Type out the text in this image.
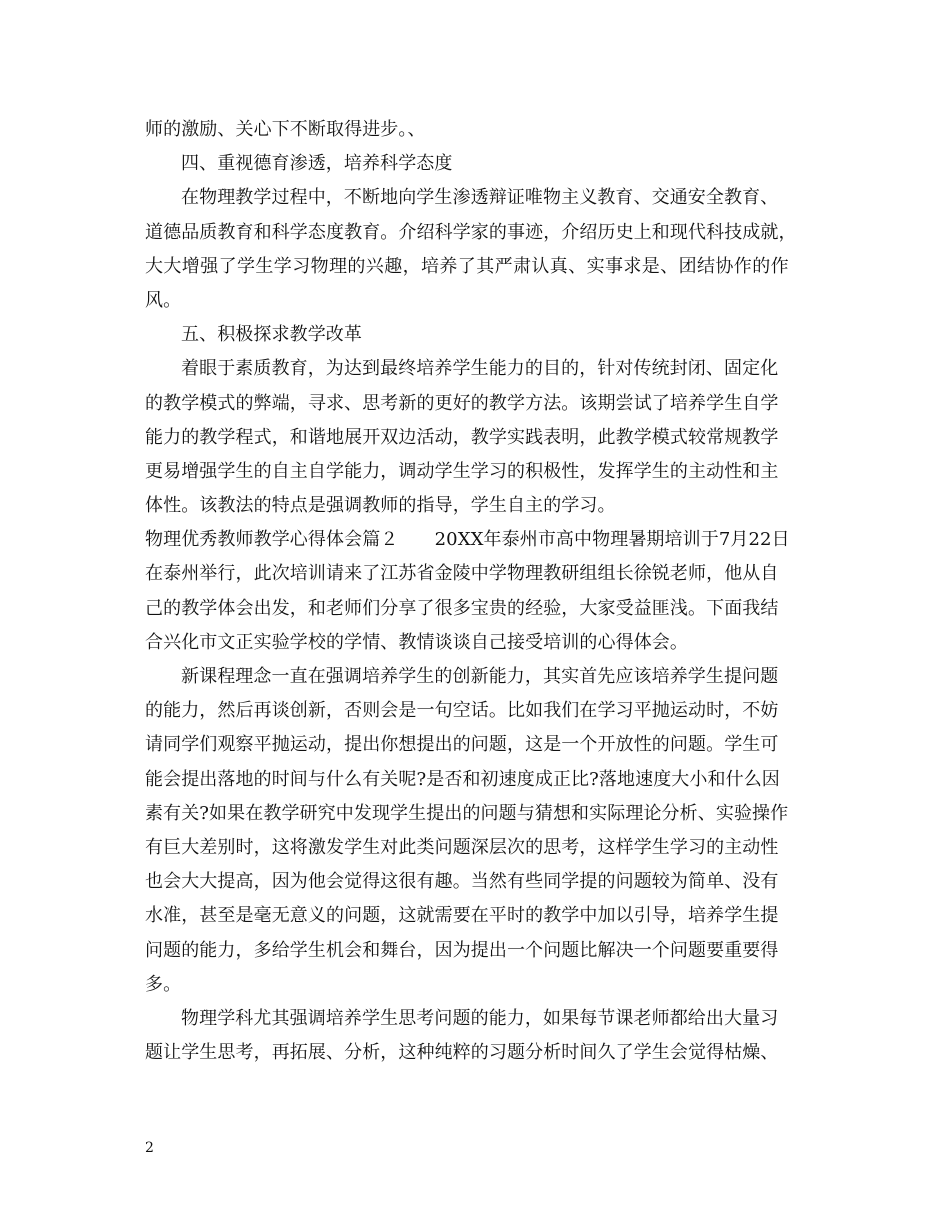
师的激励、关心下不断取得进步。、
四、重视德育渗透，培养科学态度
在物理教学过程中，不断地向学生渗透辩证唯物主义教育、交通安全教育、
道德品质教育和科学态度教育。介绍科学家的事迹，介绍历史上和现代科技成就，
大大增强了学生学习物理的兴趣，培养了其严肃认真、实事求是、团结协作的作
风。
五、积极探求教学改革
着眼于素质教育，为达到最终培养学生能力的目的，针对传统封闭、固定化
的教学模式的弊端，寻求、思考新的更好的教学方法。该期尝试了培养学生自学
能力的教学程式，和谐地展开双边活动，教学实践表明，此教学模式较常规教学
更易增强学生的自主自学能力，调动学生学习的积极性，发挥学生的主动性和主
体性。该教法的特点是强调教师的指导，学生自主的学习。
物理优秀教师教学心得体会篇２　　20XX年泰州市高中物理暑期培训于7月22日
在泰州举行，此次培训请来了江苏省金陵中学物理教研组组长徐锐老师，他从自
己的教学体会出发，和老师们分享了很多宝贵的经验，大家受益匪浅。下面我结
合兴化市文正实验学校的学情、教情谈谈自己接受培训的心得体会。
新课程理念一直在强调培养学生的创新能力，其实首先应该培养学生提问题
的能力，然后再谈创新，否则会是一句空话。比如我们在学习平抛运动时，不妨
请同学们观察平抛运动，提出你想提出的问题，这是一个开放性的问题。学生可
能会提出落地的时间与什么有关呢?是否和初速度成正比?落地速度大小和什么因
素有关?如果在教学研究中发现学生提出的问题与猜想和实际理论分析、实验操作
有巨大差别时，这将激发学生对此类问题深层次的思考，这样学生学习的主动性
也会大大提高，因为他会觉得这很有趣。当然有些同学提的问题较为简单、没有
水准，甚至是毫无意义的问题，这就需要在平时的教学中加以引导，培养学生提
问题的能力，多给学生机会和舞台，因为提出一个问题比解决一个问题要重要得
多。
物理学科尤其强调培养学生思考问题的能力，如果每节课老师都给出大量习
题让学生思考，再拓展、分析，这种纯粹的习题分析时间久了学生会觉得枯燥、
2
